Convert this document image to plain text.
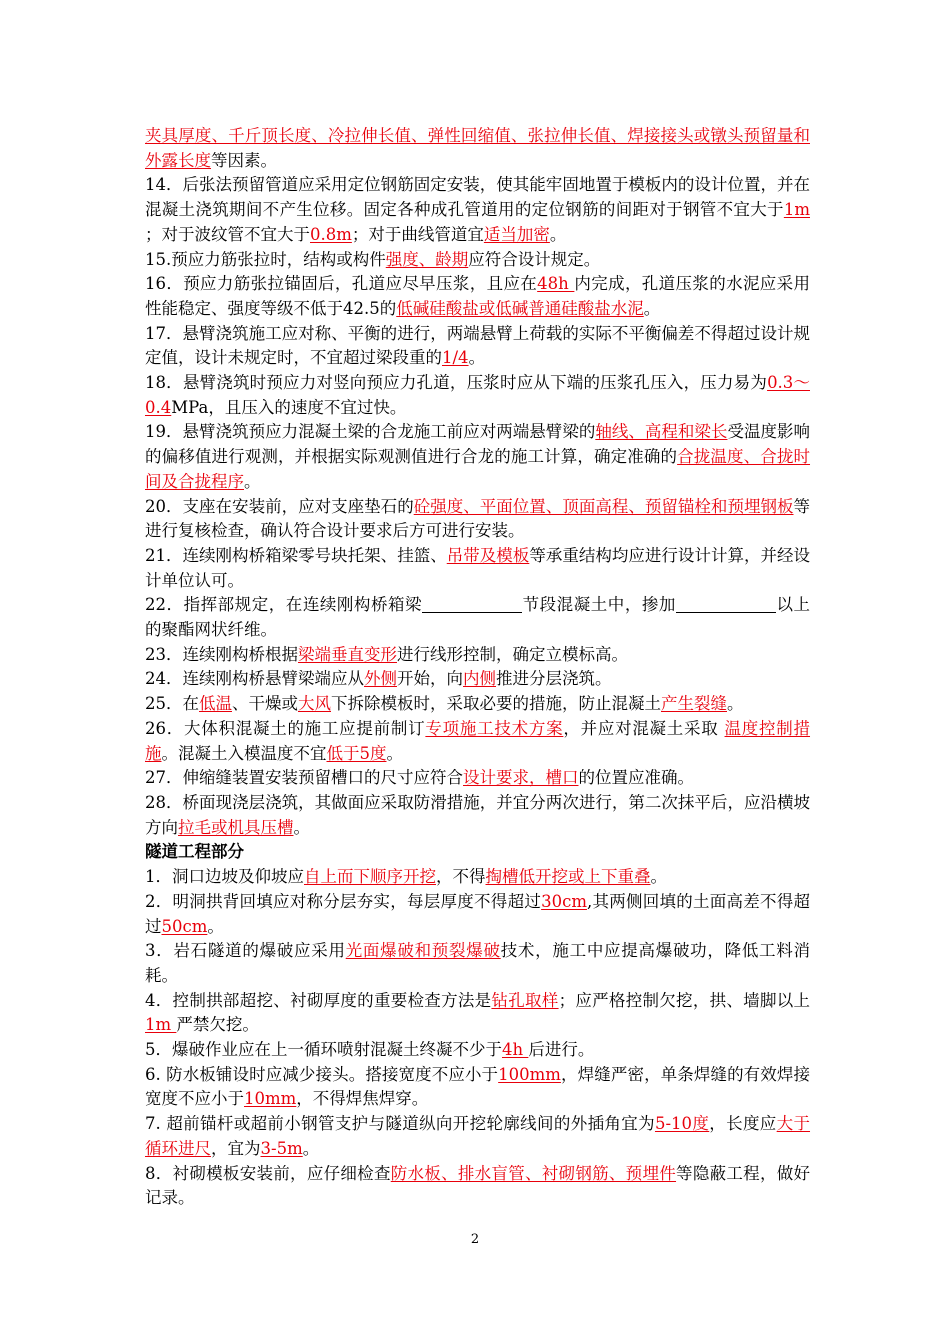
夹具厚度、千斤顶长度、冷拉伸长值、弹性回缩值、张拉伸长值、焊接接头或镦头预留量和外露长度等因素。
14．后张法预留管道应采用定位钢筋固定安装，使其能牢固地置于模板内的设计位置，并在混凝土浇筑期间不产生位移。固定各种成孔管道用的定位钢筋的间距对于钢管不宜大于1m ；对于波纹管不宜大于0.8m；对于曲线管道宜适当加密。
15.预应力筋张拉时，结构或构件强度、龄期应符合设计规定。
16．预应力筋张拉锚固后，孔道应尽早压浆，且应在48h 内完成，孔道压浆的水泥应采用性能稳定、强度等级不低于42.5的低碱硅酸盐或低碱普通硅酸盐水泥。
17．悬臂浇筑施工应对称、平衡的进行，两端悬臂上荷载的实际不平衡偏差不得超过设计规定值，设计未规定时，不宜超过梁段重的1/4。
18．悬臂浇筑时预应力对竖向预应力孔道，压浆时应从下端的压浆孔压入，压力易为0.3～0.4MPa，且压入的速度不宜过快。
19．悬臂浇筑预应力混凝土梁的合龙施工前应对两端悬臂梁的轴线、高程和梁长受温度影响的偏移值进行观测，并根据实际观测值进行合龙的施工计算，确定准确的合拢温度、合拢时间及合拢程序。
20．支座在安装前，应对支座垫石的砼强度、平面位置、顶面高程、预留锚栓和预埋钢板等进行复核检查，确认符合设计要求后方可进行安装。
21．连续刚构桥箱梁零号块托架、挂篮、吊带及模板等承重结构均应进行设计计算，并经设计单位认可。
22．指挥部规定，在连续刚构桥箱梁	节段混凝土中，掺加	以上的聚酯网状纤维。
23．连续刚构桥根据梁端垂直变形进行线形控制，确定立模标高。
24．连续刚构桥悬臂梁端应从外侧开始，向内侧推进分层浇筑。
25．在低温、干燥或大风下拆除模板时，采取必要的措施，防止混凝土产生裂缝。
26．大体积混凝土的施工应提前制订专项施工技术方案，并应对混凝土采取 温度控制措施。混凝土入模温度不宜低于5度。
27．伸缩缝装置安装预留槽口的尺寸应符合设计要求，槽口的位置应准确。
28．桥面现浇层浇筑，其做面应采取防滑措施，并宜分两次进行，第二次抹平后，应沿横坡方向拉毛或机具压槽。
隧道工程部分
1．洞口边坡及仰坡应自上而下顺序开挖，不得掏槽低开挖或上下重叠。
2．明洞拱背回填应对称分层夯实，每层厚度不得超过30cm,其两侧回填的土面高差不得超过50cm。
3．岩石隧道的爆破应采用光面爆破和预裂爆破技术，施工中应提高爆破功，降低工料消耗。
4．控制拱部超挖、衬砌厚度的重要检查方法是钻孔取样；应严格控制欠挖，拱、墙脚以上1m 严禁欠挖。
5．爆破作业应在上一循环喷射混凝土终凝不少于4h 后进行。
6. 防水板铺设时应减少接头。搭接宽度不应小于100mm，焊缝严密，单条焊缝的有效焊接宽度不应小于10mm，不得焊焦焊穿。
7. 超前锚杆或超前小钢管支护与隧道纵向开挖轮廓线间的外插角宜为5-10度，长度应大于循环进尺，宜为3-5m。
8．衬砌模板安装前，应仔细检查防水板、排水盲管、衬砌钢筋、预埋件等隐蔽工程，做好记录。
2
